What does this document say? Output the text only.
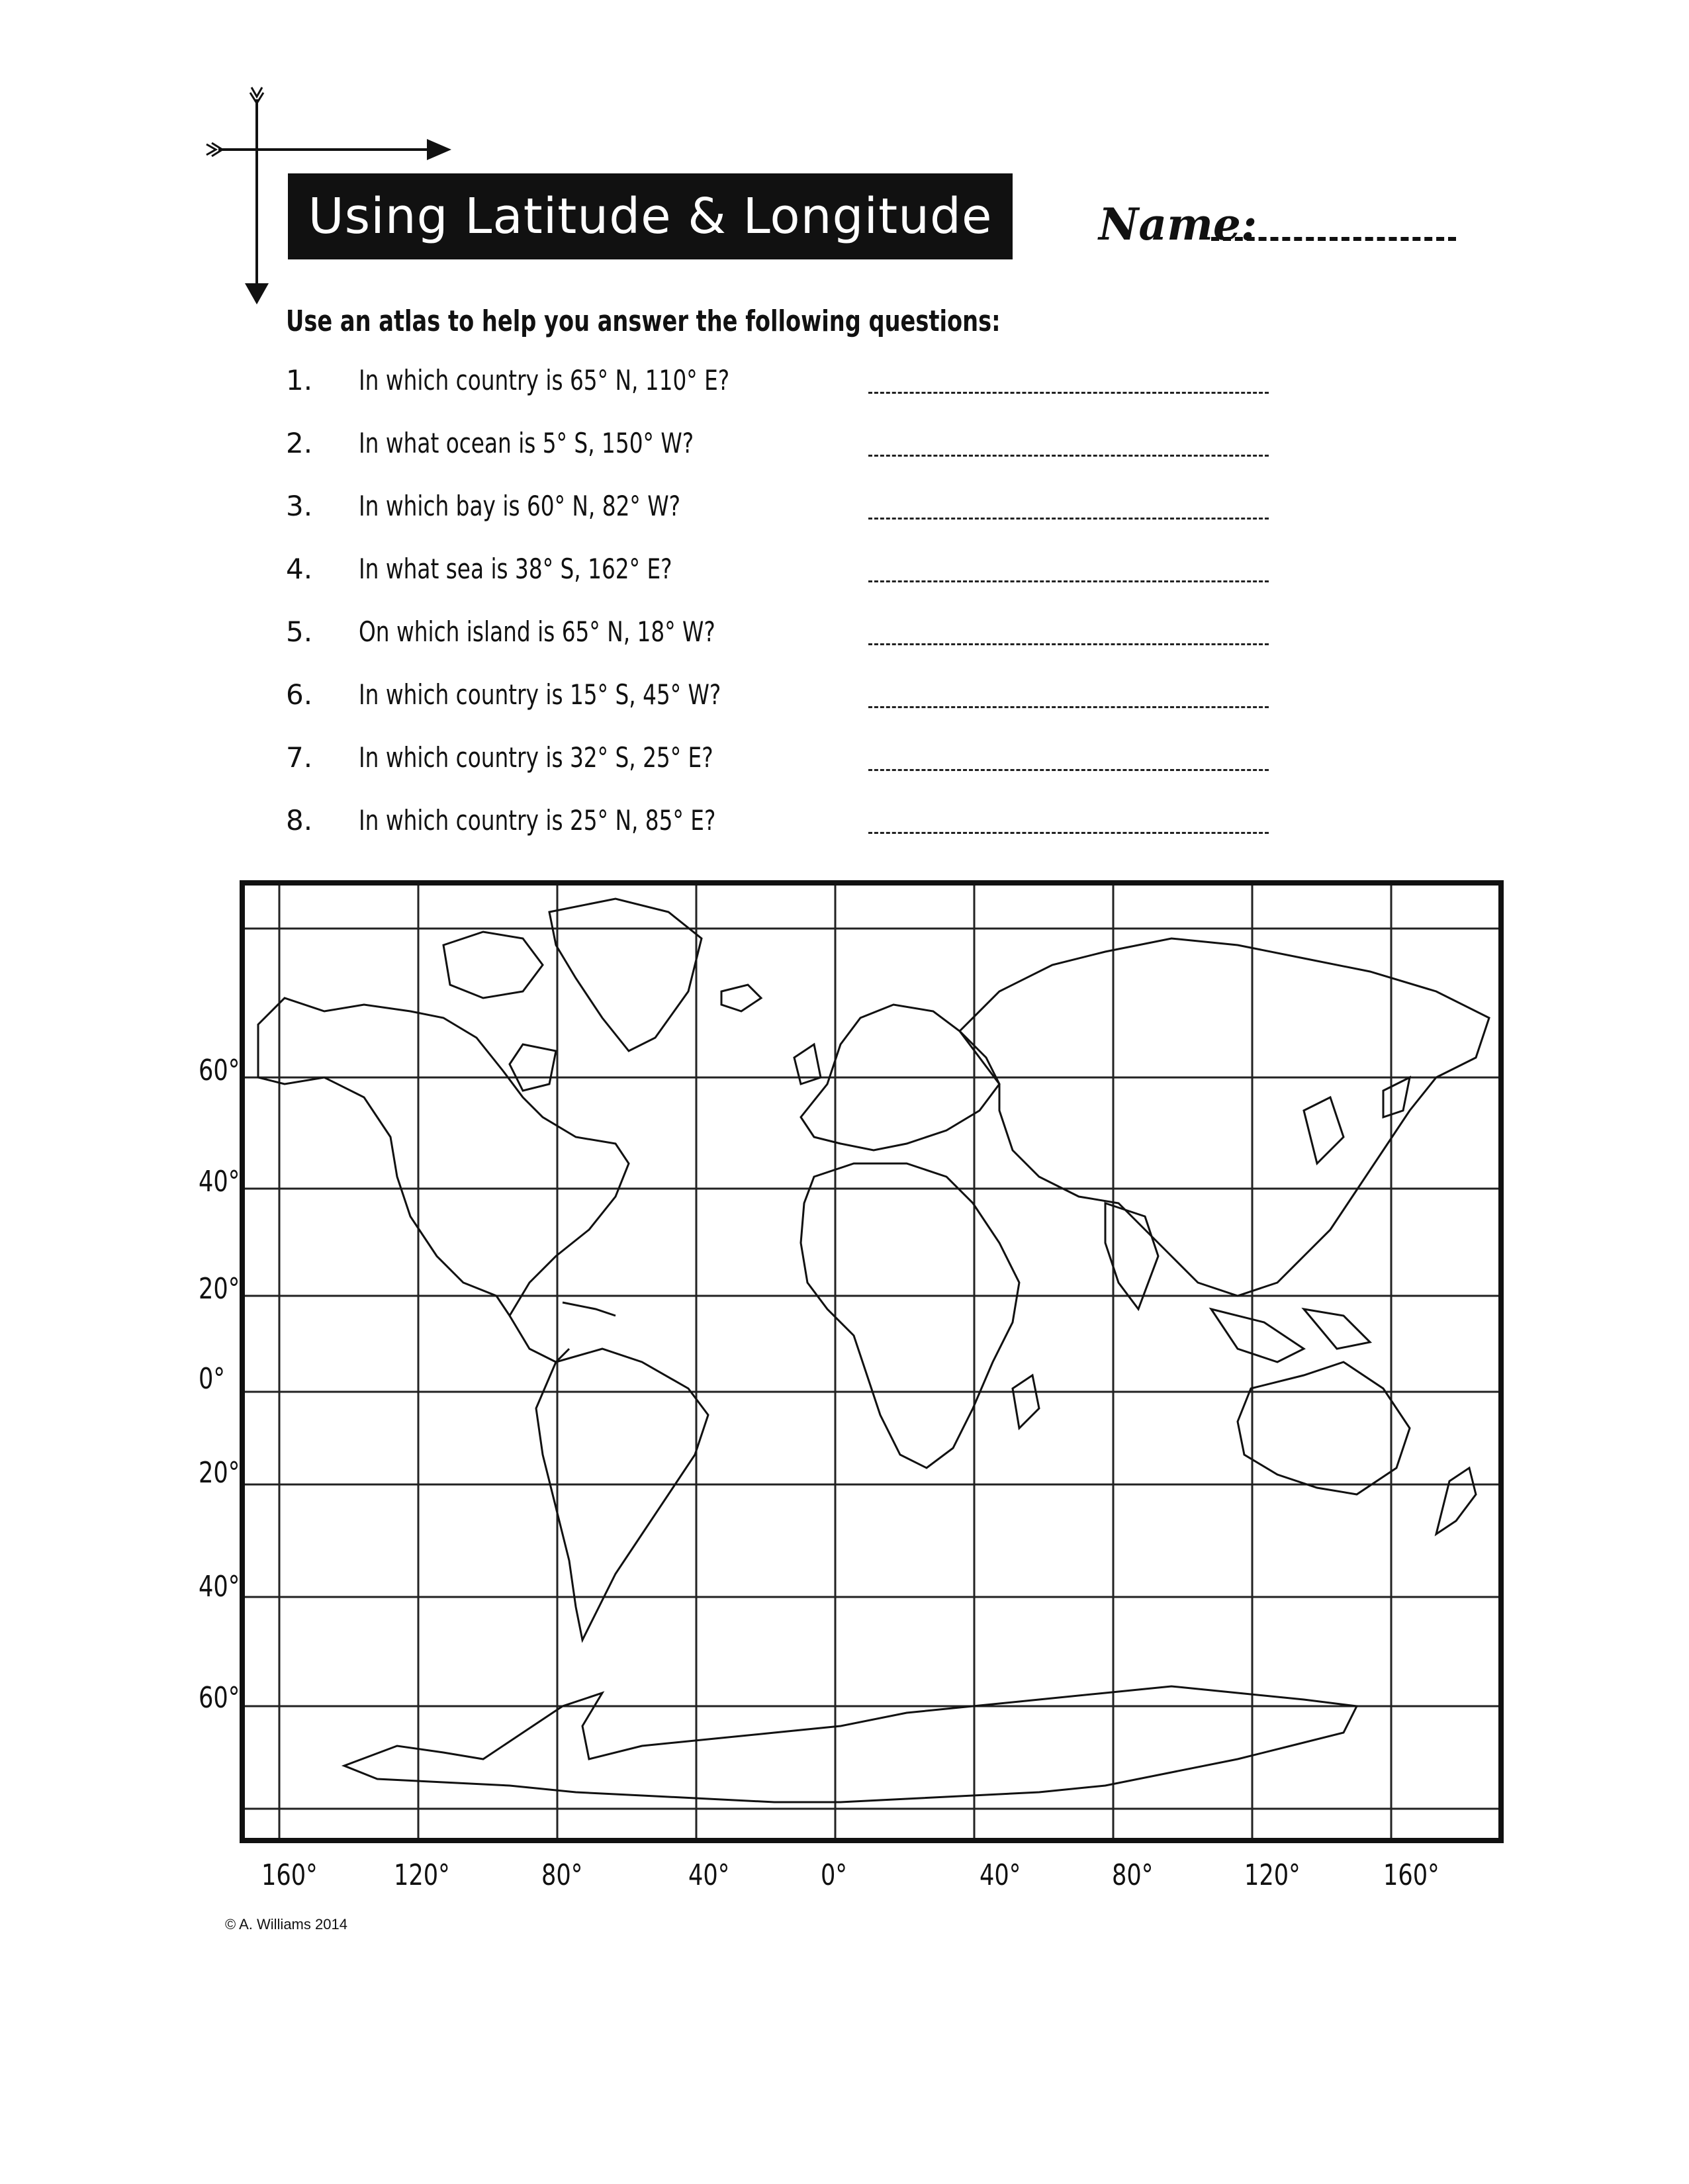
Using Latitude & Longitude	Name:
Use an atlas to help you answer the following questions:
1. In which country is 65° N, 110° E?
2. In what ocean is 5° S, 150° W?
3. In which bay is 60° N, 82° W?
4. In what sea is 38° S, 162° E?
5. On which island is 65° N, 18° W?
6. In which country is 15° S, 45° W?
7. In which country is 32° S, 25° E?
8. In which country is 25° N, 85° E?
60°
40°
20°
0°
20°
40°
60°
160°	120°	80°	40°	0°	40°	80°	120°	160°
© A. Williams 2014
